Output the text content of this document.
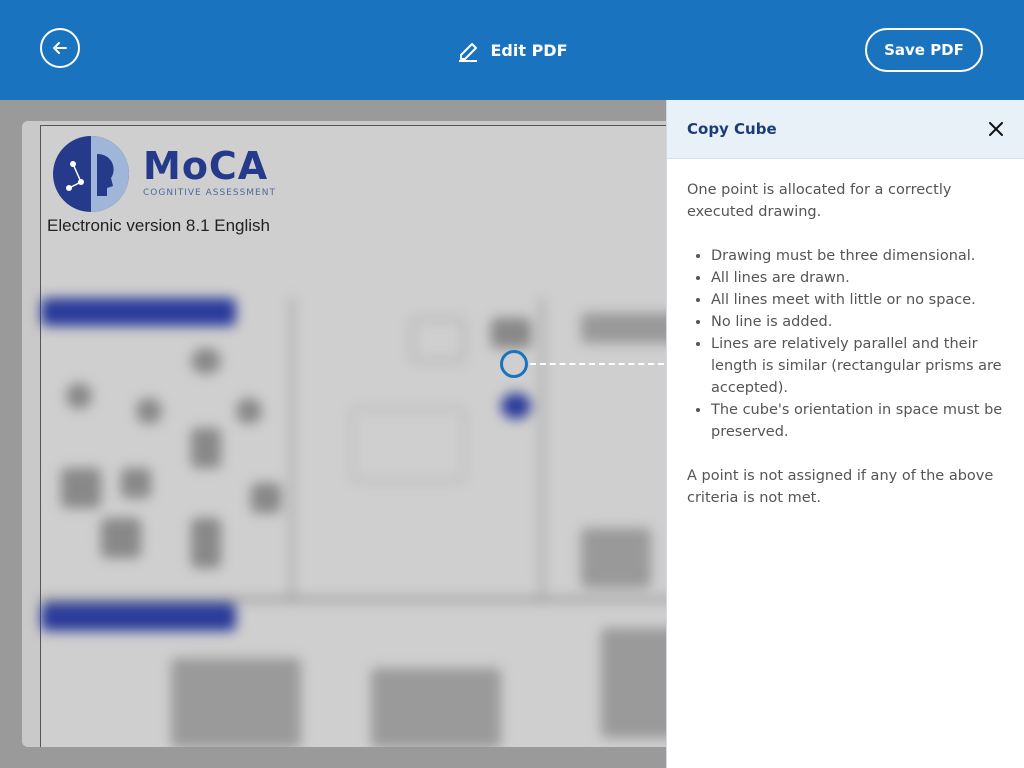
Edit PDF	Save PDF
MoCA
COGNITIVE ASSESSMENT
Electronic version 8.1 English
Copy Cube

One point is allocated for a correctly executed drawing.

• Drawing must be three dimensional.
• All lines are drawn.
• All lines meet with little or no space.
• No line is added.
• Lines are relatively parallel and their length is similar (rectangular prisms are accepted).
• The cube's orientation in space must be preserved.

A point is not assigned if any of the above criteria is not met.
